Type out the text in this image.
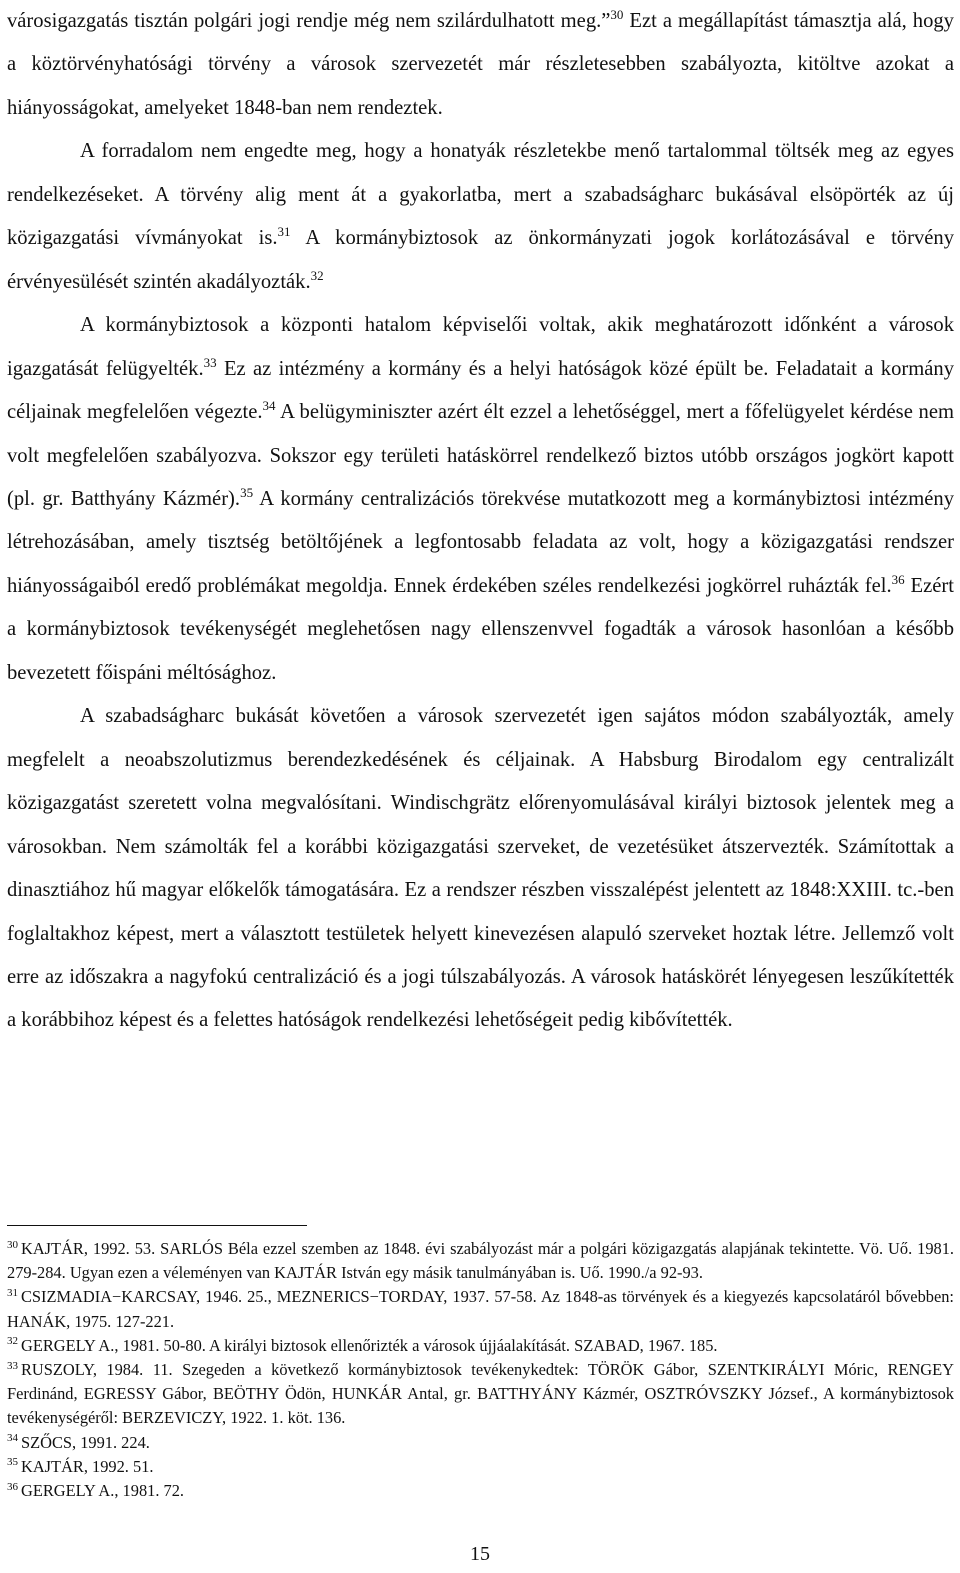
városigazgatás tisztán polgári jogi rendje még nem szilárdulhatott meg.”$^{30}$ Ezt a megállapítást támasztja alá, hogy a köztörvényhatósági törvény a városok szervezetét már részletesebben szabályozta, kitöltve azokat a hiányosságokat, amelyeket 1848-ban nem rendeztek.

A forradalom nem engedte meg, hogy a honatyák részletekbe menő tartalommal töltsék meg az egyes rendelkezéseket. A törvény alig ment át a gyakorlatba, mert a szabadságharc bukásával elsöpörték az új közigazgatási vívmányokat is.$^{31}$ A kormánybiztosok az önkormányzati jogok korlátozásával e törvény érvényesülését szintén akadályozták.$^{32}$

A kormánybiztosok a központi hatalom képviselői voltak, akik meghatározott időnként a városok igazgatását felügyelték.$^{33}$ Ez az intézmény a kormány és a helyi hatóságok közé épült be. Feladatait a kormány céljainak megfelelően végezte.$^{34}$ A belügyminiszter azért élt ezzel a lehetőséggel, mert a főfelügyelet kérdése nem volt megfelelően szabályozva. Sokszor egy területi hatáskörrel rendelkező biztos utóbb országos jogkört kapott (pl. gr. Batthyány Kázmér).$^{35}$ A kormány centralizációs törekvése mutatkozott meg a kormánybiztosi intézmény létrehozásában, amely tisztség betöltőjének a legfontosabb feladata az volt, hogy a közigazgatási rendszer hiányosságaiból eredő problémákat megoldja. Ennek érdekében széles rendelkezési jogkörrel ruházták fel.$^{36}$ Ezért a kormánybiztosok tevékenységét meglehetősen nagy ellenszenvvel fogadták a városok hasonlóan a később bevezetett főispáni méltósághoz.

A szabadságharc bukását követően a városok szervezetét igen sajátos módon szabályozták, amely megfelelt a neoabszolutizmus berendezkedésének és céljainak. A Habsburg Birodalom egy centralizált közigazgatást szeretett volna megvalósítani. Windischgrätz előrenyomulásával királyi biztosok jelentek meg a városokban. Nem számolták fel a korábbi közigazgatási szerveket, de vezetésüket átszervezték. Számítottak a dinasztiához hű magyar előkelők támogatására. Ez a rendszer részben visszalépést jelentett az 1848:XXIII. tc.-ben foglaltakhoz képest, mert a választott testületek helyett kinevezésen alapuló szerveket hoztak létre. Jellemző volt erre az időszakra a nagyfokú centralizáció és a jogi túlszabályozás. A városok hatáskörét lényegesen leszűkítették a korábbihoz képest és a felettes hatóságok rendelkezési lehetőségeit pedig kibővítették.

$^{30}$ KAJTÁR, 1992. 53. SARLÓS Béla ezzel szemben az 1848. évi szabályozást már a polgári közigazgatás alapjának tekintette. Vö. Uő. 1981. 279-284. Ugyan ezen a véleményen van KAJTÁR István egy másik tanulmányában is. Uő. 1990./a 92-93.

$^{31}$ CSIZMADIA−KARCSAY, 1946. 25., MEZNERICS−TORDAY, 1937. 57-58. Az 1848-as törvények és a kiegyezés kapcsolatáról bővebben: HANÁK, 1975. 127-221.

$^{32}$ GERGELY A., 1981. 50-80. A királyi biztosok ellenőrizték a városok újjáalakítását. SZABAD, 1967. 185.

$^{33}$ RUSZOLY, 1984. 11. Szegeden a következő kormánybiztosok tevékenykedtek: TÖRÖK Gábor, SZENTKIRÁLYI Móric, RENGEY Ferdinánd, EGRESSY Gábor, BEÖTHY Ödön, HUNKÁR Antal, gr. BATTHYÁNY Kázmér, OSZTRÓVSZKY József., A kormánybiztosok tevékenységéről: BERZEVICZY, 1922. 1. köt. 136.

$^{34}$ SZŐCS, 1991. 224.

$^{35}$ KAJTÁR, 1992. 51.

$^{36}$ GERGELY A., 1981. 72.

15
